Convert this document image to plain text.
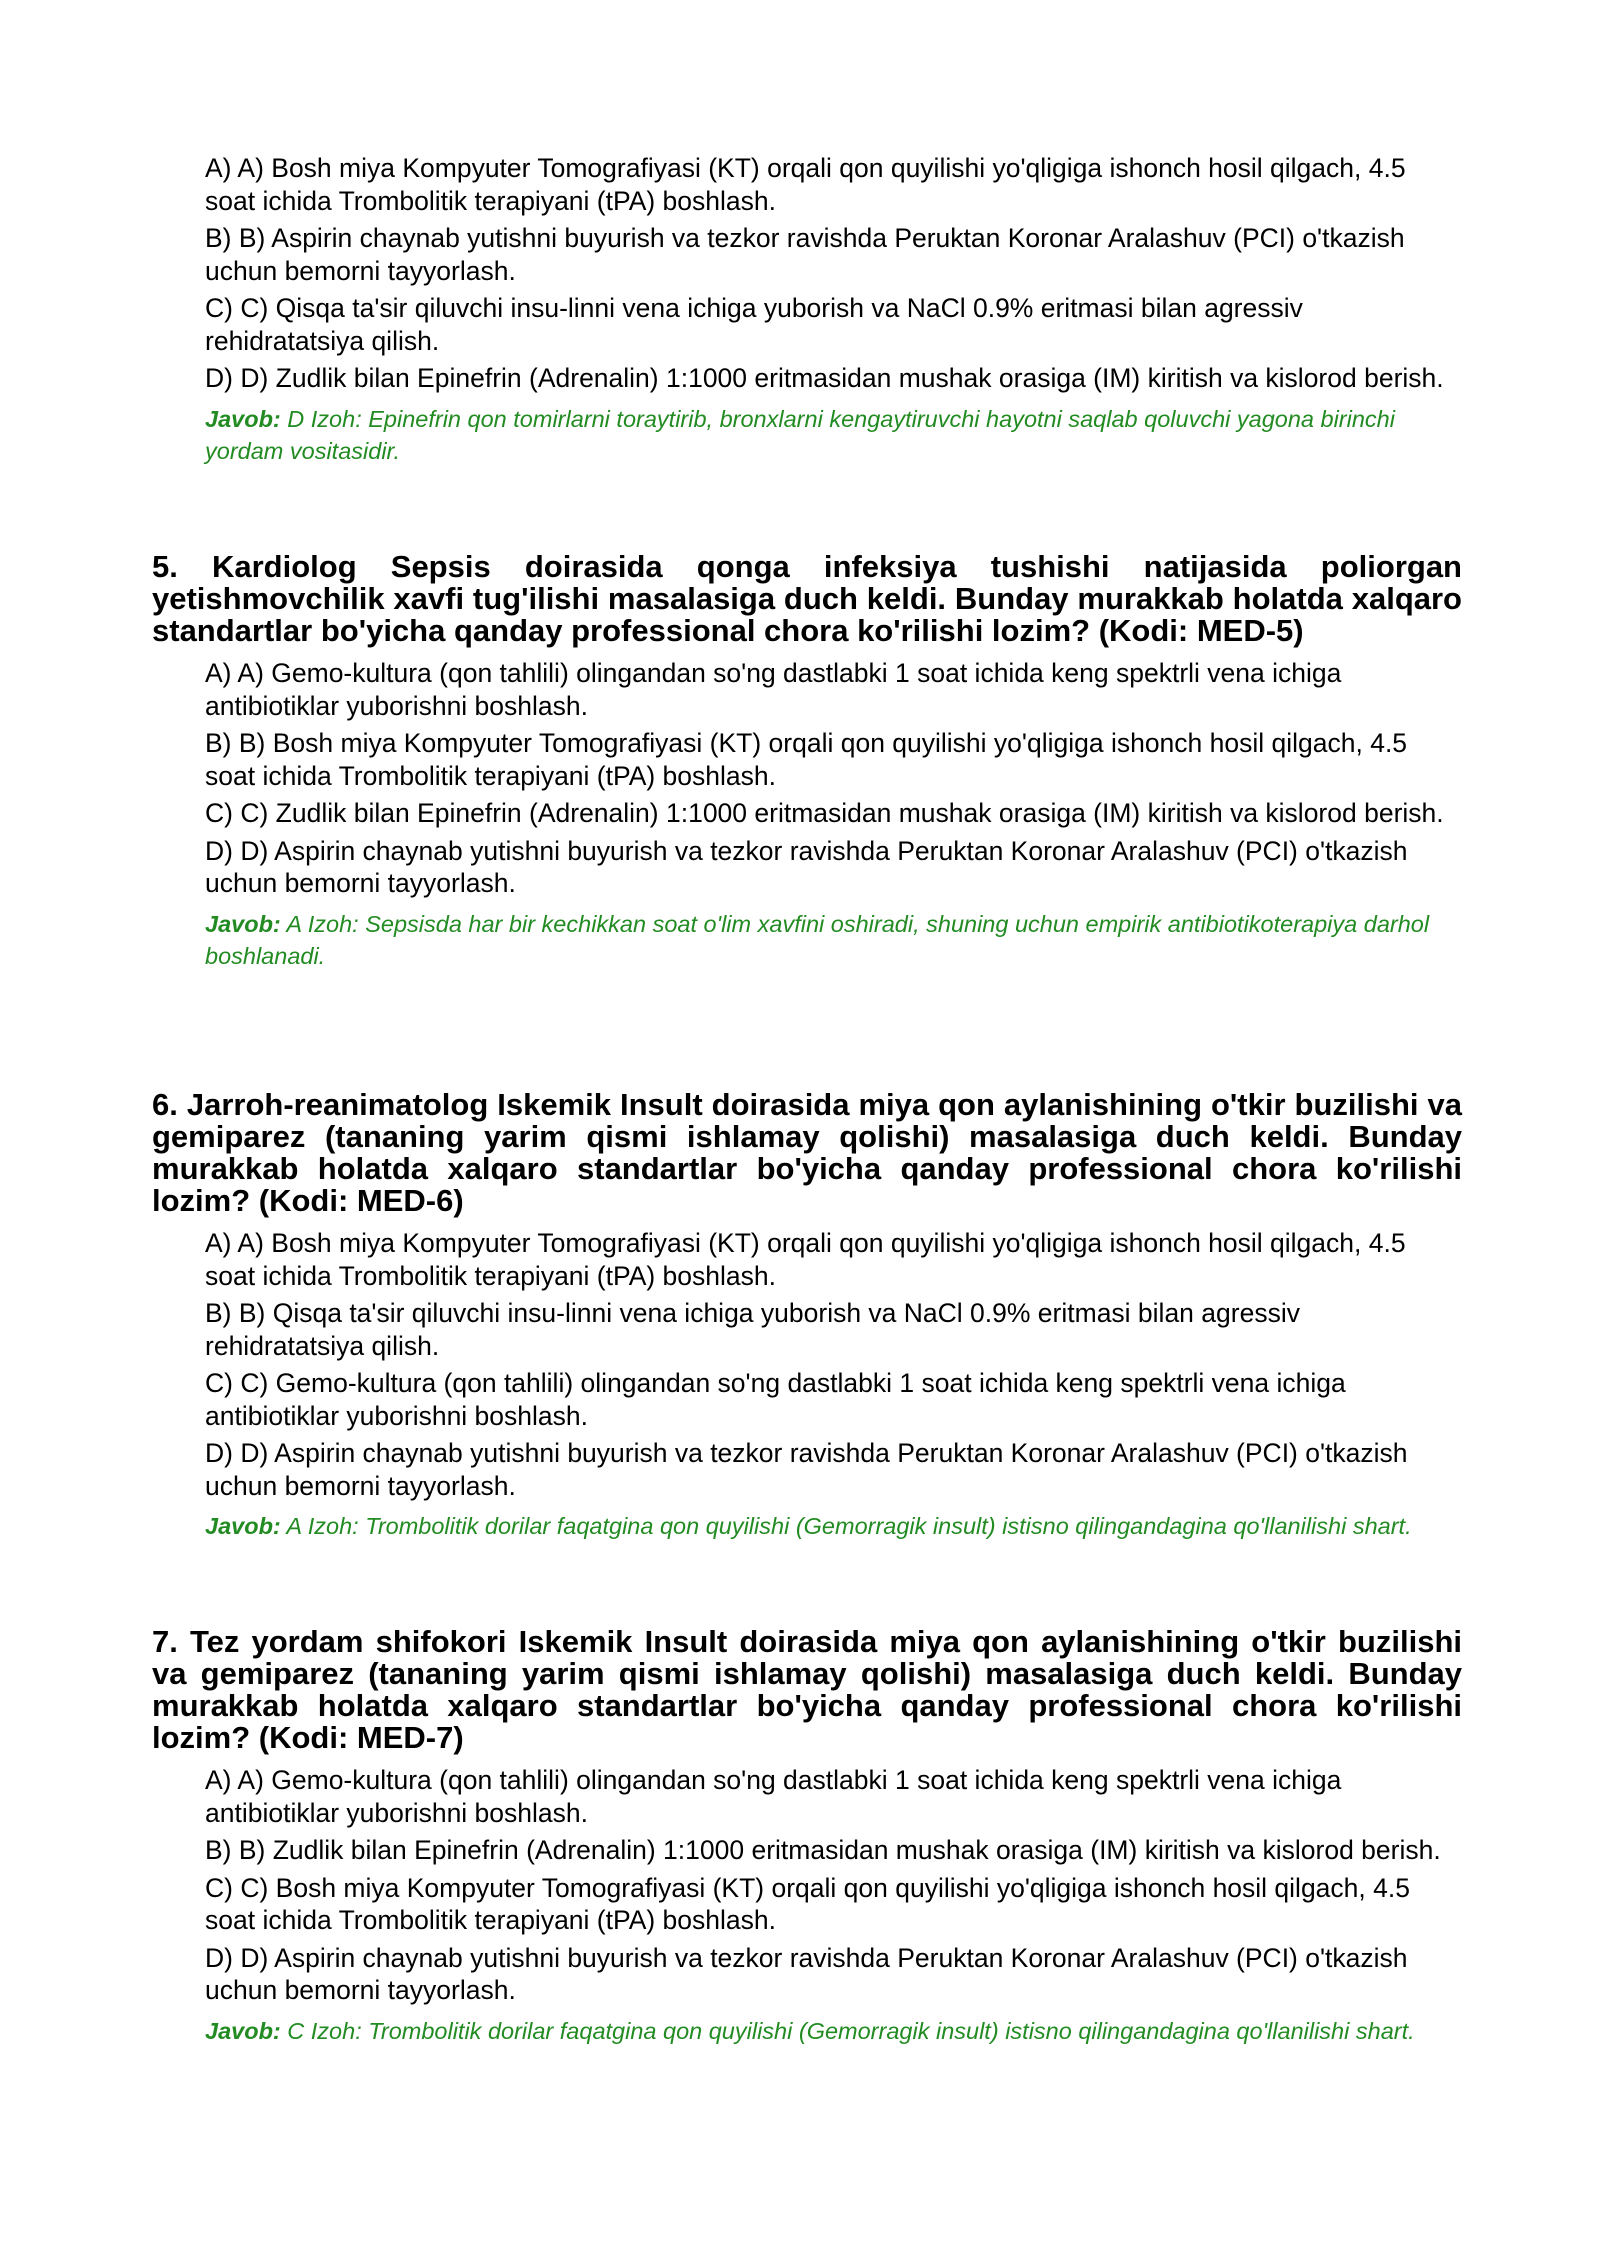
A) A) Bosh miya Kompyuter Tomografiyasi (KT) orqali qon quyilishi yo'qligiga ishonch hosil qilgach, 4.5 soat ichida Trombolitik terapiyani (tPA) boshlash.

B) B) Aspirin chaynab yutishni buyurish va tezkor ravishda Peruktan Koronar Aralashuv (PCI) o'tkazish uchun bemorni tayyorlash.

C) C) Qisqa ta'sir qiluvchi insu-linni vena ichiga yuborish va NaCl 0.9% eritmasi bilan agressiv rehidratatsiya qilish.

D) D) Zudlik bilan Epinefrin (Adrenalin) 1:1000 eritmasidan mushak orasiga (IM) kiritish va kislorod berish.

Javob: D Izoh: Epinefrin qon tomirlarni toraytirib, bronxlarni kengaytiruvchi hayotni saqlab qoluvchi yagona birinchi yordam vositasidir.

5. Kardiolog Sepsis doirasida qonga infeksiya tushishi natijasida poliorgan yetishmovchilik xavfi tug'ilishi masalasiga duch keldi. Bunday murakkab holatda xalqaro standartlar bo'yicha qanday professional chora ko'rilishi lozim? (Kodi: MED-5)

A) A) Gemo-kultura (qon tahlili) olingandan so'ng dastlabki 1 soat ichida keng spektrli vena ichiga antibiotiklar yuborishni boshlash.

B) B) Bosh miya Kompyuter Tomografiyasi (KT) orqali qon quyilishi yo'qligiga ishonch hosil qilgach, 4.5 soat ichida Trombolitik terapiyani (tPA) boshlash.

C) C) Zudlik bilan Epinefrin (Adrenalin) 1:1000 eritmasidan mushak orasiga (IM) kiritish va kislorod berish.

D) D) Aspirin chaynab yutishni buyurish va tezkor ravishda Peruktan Koronar Aralashuv (PCI) o'tkazish uchun bemorni tayyorlash.

Javob: A Izoh: Sepsisda har bir kechikkan soat o'lim xavfini oshiradi, shuning uchun empirik antibiotikoterapiya darhol boshlanadi.

6. Jarroh-reanimatolog Iskemik Insult doirasida miya qon aylanishining o'tkir buzilishi va gemiparez (tananing yarim qismi ishlamay qolishi) masalasiga duch keldi. Bunday murakkab holatda xalqaro standartlar bo'yicha qanday professional chora ko'rilishi lozim? (Kodi: MED-6)

A) A) Bosh miya Kompyuter Tomografiyasi (KT) orqali qon quyilishi yo'qligiga ishonch hosil qilgach, 4.5 soat ichida Trombolitik terapiyani (tPA) boshlash.

B) B) Qisqa ta'sir qiluvchi insu-linni vena ichiga yuborish va NaCl 0.9% eritmasi bilan agressiv rehidratatsiya qilish.

C) C) Gemo-kultura (qon tahlili) olingandan so'ng dastlabki 1 soat ichida keng spektrli vena ichiga antibiotiklar yuborishni boshlash.

D) D) Aspirin chaynab yutishni buyurish va tezkor ravishda Peruktan Koronar Aralashuv (PCI) o'tkazish uchun bemorni tayyorlash.

Javob: A Izoh: Trombolitik dorilar faqatgina qon quyilishi (Gemorragik insult) istisno qilingandagina qo'llanilishi shart.

7. Tez yordam shifokori Iskemik Insult doirasida miya qon aylanishining o'tkir buzilishi va gemiparez (tananing yarim qismi ishlamay qolishi) masalasiga duch keldi. Bunday murakkab holatda xalqaro standartlar bo'yicha qanday professional chora ko'rilishi lozim? (Kodi: MED-7)

A) A) Gemo-kultura (qon tahlili) olingandan so'ng dastlabki 1 soat ichida keng spektrli vena ichiga antibiotiklar yuborishni boshlash.

B) B) Zudlik bilan Epinefrin (Adrenalin) 1:1000 eritmasidan mushak orasiga (IM) kiritish va kislorod berish.

C) C) Bosh miya Kompyuter Tomografiyasi (KT) orqali qon quyilishi yo'qligiga ishonch hosil qilgach, 4.5 soat ichida Trombolitik terapiyani (tPA) boshlash.

D) D) Aspirin chaynab yutishni buyurish va tezkor ravishda Peruktan Koronar Aralashuv (PCI) o'tkazish uchun bemorni tayyorlash.

Javob: C Izoh: Trombolitik dorilar faqatgina qon quyilishi (Gemorragik insult) istisno qilingandagina qo'llanilishi shart.
